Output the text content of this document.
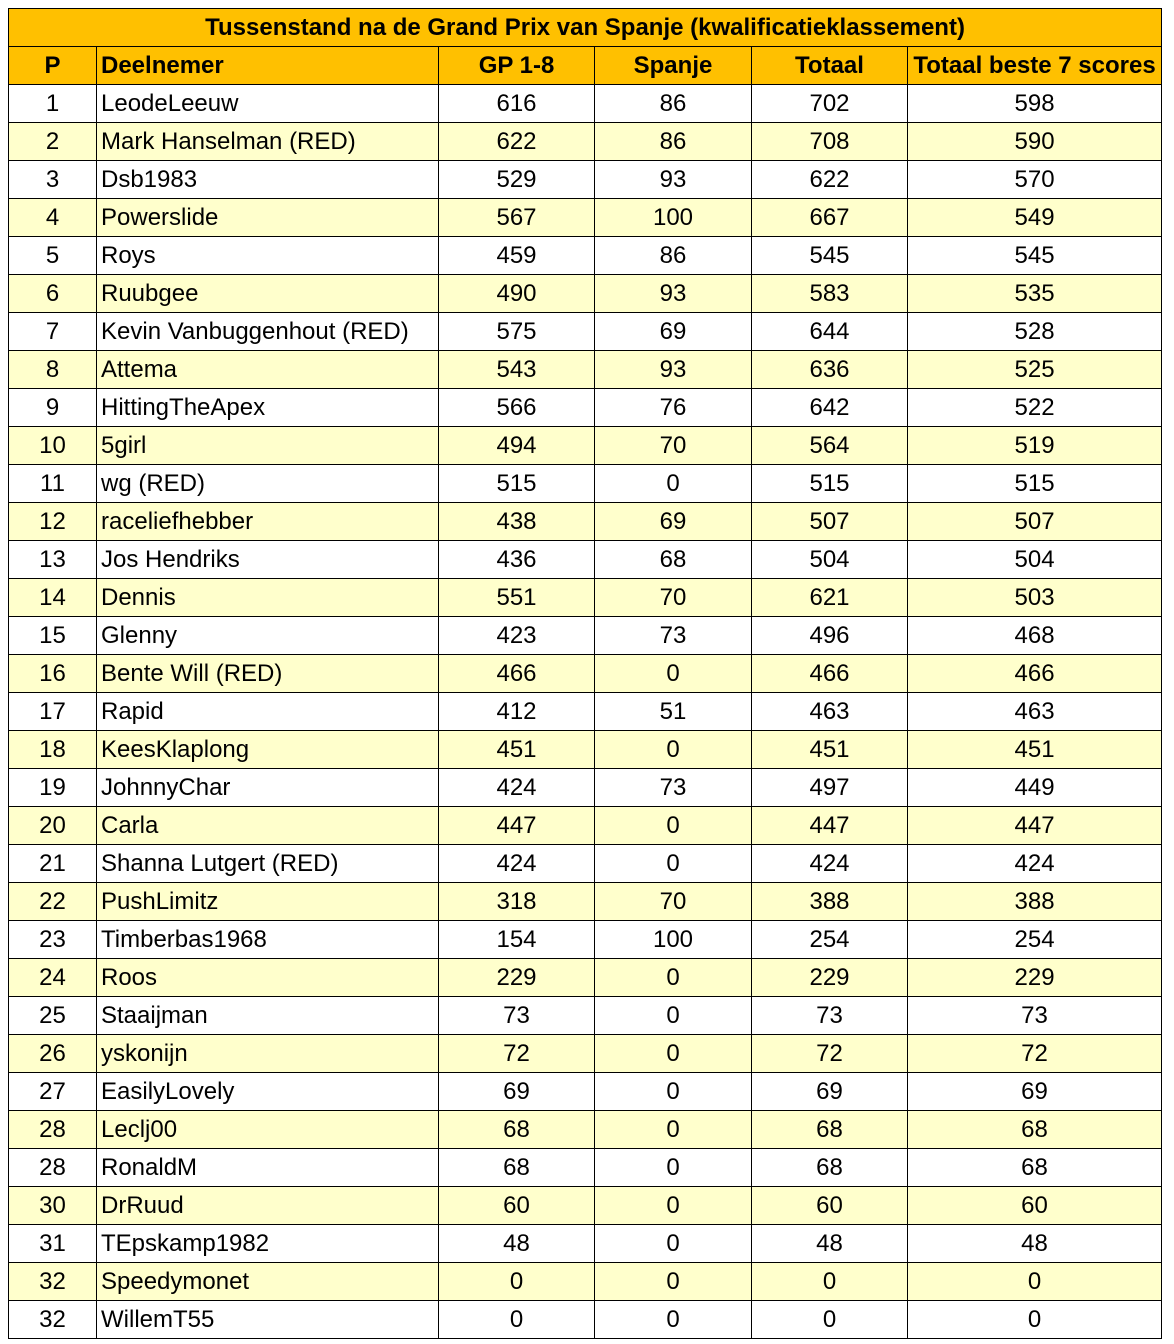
Tussenstand na de Grand Prix van Spanje (kwalificatieklassement)					
P	Deelnemer	GP 1-8	Spanje	Totaal	Totaal beste 7 scores
1	LeodeLeeuw	616	86	702	598
2	Mark Hanselman (RED)	622	86	708	590
3	Dsb1983	529	93	622	570
4	Powerslide	567	100	667	549
5	Roys	459	86	545	545
6	Ruubgee	490	93	583	535
7	Kevin Vanbuggenhout (RED)	575	69	644	528
8	Attema	543	93	636	525
9	HittingTheApex	566	76	642	522
10	5girl	494	70	564	519
11	wg (RED)	515	0	515	515
12	raceliefhebber	438	69	507	507
13	Jos Hendriks	436	68	504	504
14	Dennis	551	70	621	503
15	Glenny	423	73	496	468
16	Bente Will (RED)	466	0	466	466
17	Rapid	412	51	463	463
18	KeesKlaplong	451	0	451	451
19	JohnnyChar	424	73	497	449
20	Carla	447	0	447	447
21	Shanna Lutgert (RED)	424	0	424	424
22	PushLimitz	318	70	388	388
23	Timberbas1968	154	100	254	254
24	Roos	229	0	229	229
25	Staaijman	73	0	73	73
26	yskonijn	72	0	72	72
27	EasilyLovely	69	0	69	69
28	Leclj00	68	0	68	68
28	RonaldM	68	0	68	68
30	DrRuud	60	0	60	60
31	TEpskamp1982	48	0	48	48
32	Speedymonet	0	0	0	0
32	WillemT55	0	0	0	0
